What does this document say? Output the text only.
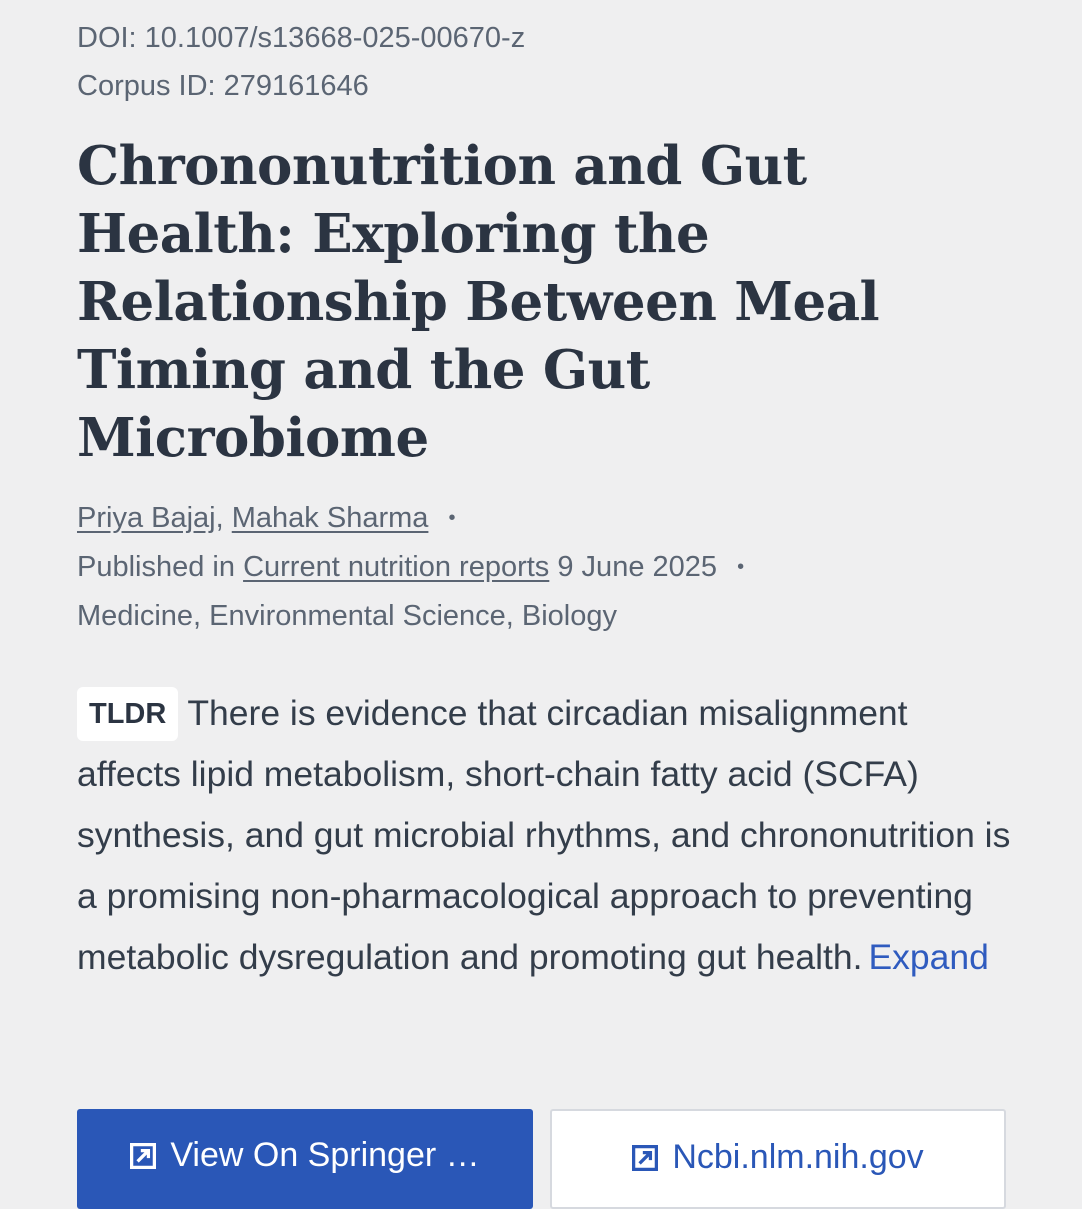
DOI: 10.1007/s13668-025-00670-z

Corpus ID: 279161646

Chrononutrition and Gut Health: Exploring the Relationship Between Meal Timing and the Gut Microbiome
Priya Bajaj, Mahak Sharma •
Published in Current nutrition reports 9 June 2025 •
Medicine, Environmental Science, Biology
TLDR There is evidence that circadian misalignment affects lipid metabolism, short-chain fatty acid (SCFA) synthesis, and gut microbial rhythms, and chrononutrition is a promising non-pharmacological approach to preventing metabolic dysregulation and promoting gut health. Expand
View On Springer …	Ncbi.nlm.nih.gov
